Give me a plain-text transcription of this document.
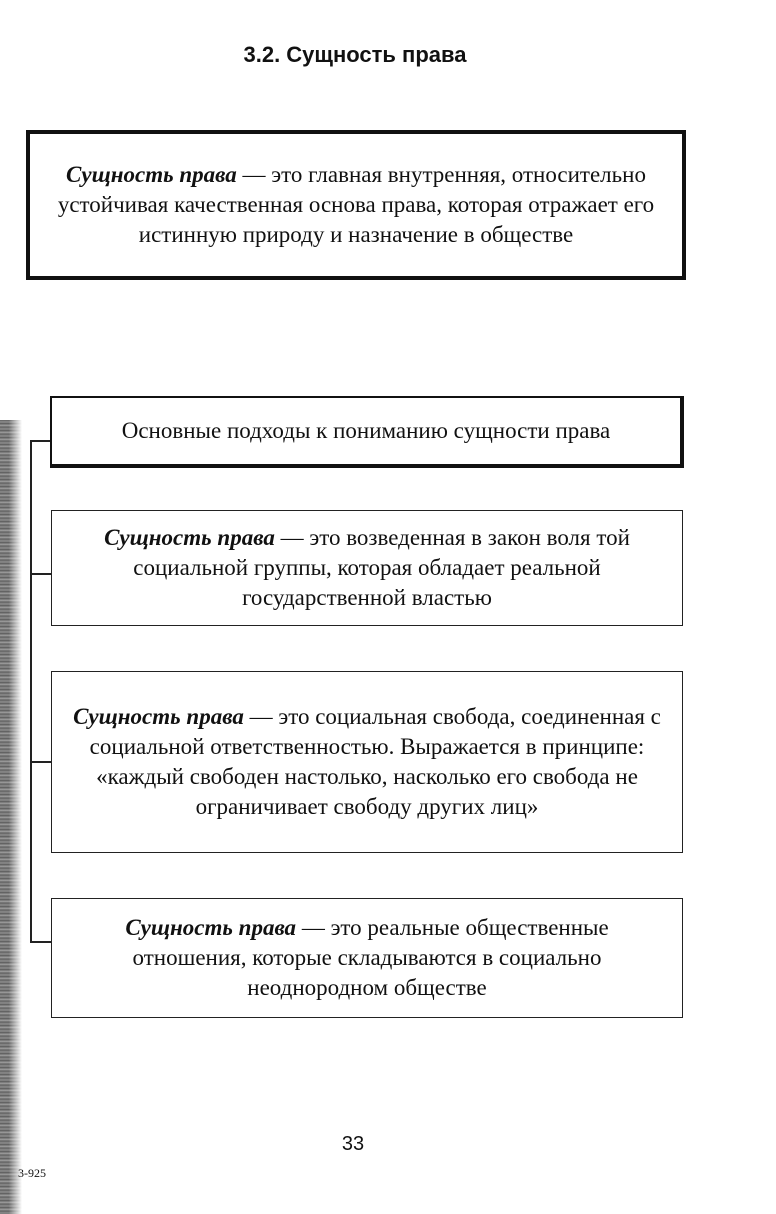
3.2. Сущность права
Сущность права — это главная внутренняя, относительно устойчивая качественная основа права, которая отражает его истинную природу и назначение в обществе
Основные подходы к пониманию сущности права
Сущность права — это возведенная в закон воля той социальной группы, которая обладает реальной государственной властью
Сущность права — это социальная свобода, соединенная с социальной ответственностью. Выражается в принципе: «каждый свободен настолько, насколько его свобода не ограничивает свободу других лиц»
Сущность права — это реальные общественные отношения, которые складываются в социально неоднородном обществе
33
3-925
